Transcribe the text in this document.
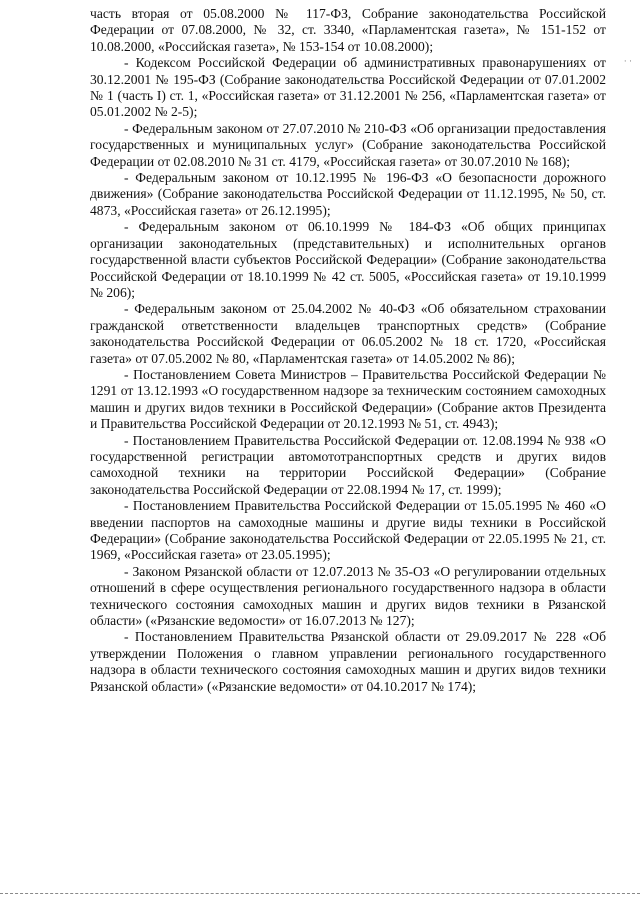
часть вторая от 05.08.2000 № 117-ФЗ, Собрание законодательства Российской Федерации от 07.08.2000, № 32, ст. 3340, «Парламентская газета», № 151-152 от 10.08.2000, «Российская газета», № 153-154 от 10.08.2000);

- Кодексом Российской Федерации об административных правонарушениях от 30.12.2001 № 195-ФЗ (Собрание законодательства Российской Федерации от 07.01.2002 № 1 (часть I) ст. 1, «Российская газета» от 31.12.2001 № 256, «Парламентская газета» от 05.01.2002 № 2-5);

- Федеральным законом от 27.07.2010 № 210-ФЗ «Об организации предоставления государственных и муниципальных услуг» (Собрание законодательства Российской Федерации от 02.08.2010 № 31 ст. 4179, «Российская газета» от 30.07.2010 № 168);

- Федеральным законом от 10.12.1995 № 196-ФЗ «О безопасности дорожного движения» (Собрание законодательства Российской Федерации от 11.12.1995, № 50, ст. 4873, «Российская газета» от 26.12.1995);

- Федеральным законом от 06.10.1999 № 184-ФЗ «Об общих принципах организации законодательных (представительных) и исполнительных органов государственной власти субъектов Российской Федерации» (Собрание законодательства Российской Федерации от 18.10.1999 № 42 ст. 5005, «Российская газета» от 19.10.1999 № 206);

- Федеральным законом от 25.04.2002 № 40-ФЗ «Об обязательном страховании гражданской ответственности владельцев транспортных средств» (Собрание законодательства Российской Федерации от 06.05.2002 № 18 ст. 1720, «Российская газета» от 07.05.2002 № 80, «Парламентская газета» от 14.05.2002 № 86);

- Постановлением Совета Министров – Правительства Российской Федерации № 1291 от 13.12.1993 «О государственном надзоре за техническим состоянием самоходных машин и других видов техники в Российской Федерации» (Собрание актов Президента и Правительства Российской Федерации от 20.12.1993 № 51, ст. 4943);

- Постановлением Правительства Российской Федерации от. 12.08.1994 № 938 «О государственной регистрации автомототранспортных средств и других видов самоходной техники на территории Российской Федерации» (Собрание законодательства Российской Федерации от 22.08.1994 № 17, ст. 1999);

- Постановлением Правительства Российской Федерации от 15.05.1995 № 460 «О введении паспортов на самоходные машины и другие виды техники в Российской Федерации» (Собрание законодательства Российской Федерации от 22.05.1995 № 21, ст. 1969, «Российская газета» от 23.05.1995);

- Законом Рязанской области от 12.07.2013 № 35-ОЗ «О регулировании отдельных отношений в сфере осуществления регионального государственного надзора в области технического состояния самоходных машин и других видов техники в Рязанской области» («Рязанские ведомости» от 16.07.2013 № 127);

- Постановлением Правительства Рязанской области от 29.09.2017 № 228 «Об утверждении Положения о главном управлении регионального государственного надзора в области технического состояния самоходных машин и других видов техники Рязанской области» («Рязанские ведомости» от 04.10.2017 № 174);

· ·
